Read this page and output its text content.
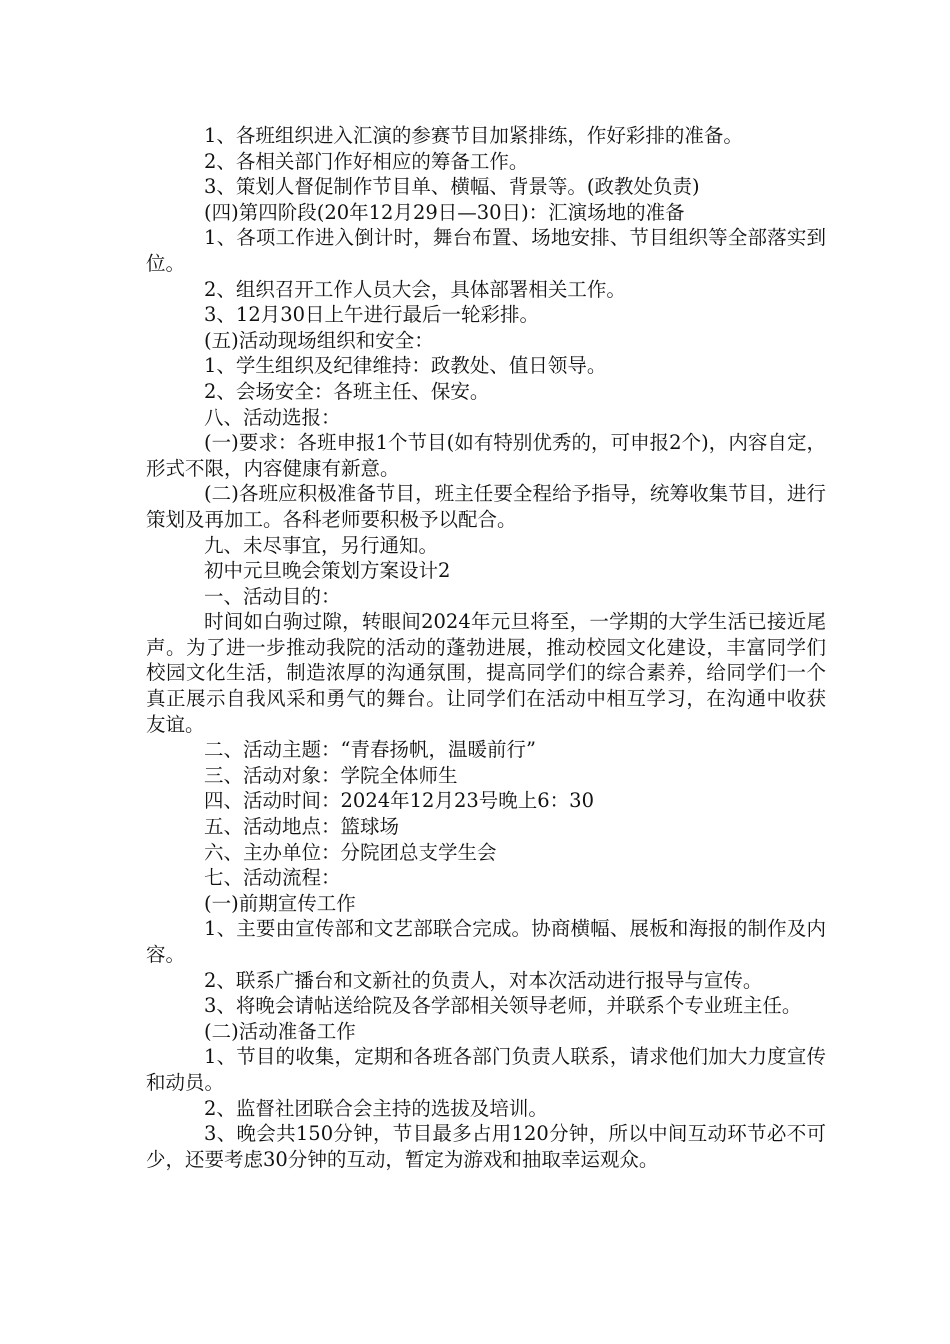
1、各班组织进入汇演的参赛节目加紧排练，作好彩排的准备。

2、各相关部门作好相应的筹备工作。

3、策划人督促制作节目单、横幅、背景等。(政教处负责)

(四)第四阶段(20年12月29日—30日)：汇演场地的准备

1、各项工作进入倒计时，舞台布置、场地安排、节目组织等全部落实到位。

2、组织召开工作人员大会，具体部署相关工作。

3、12月30日上午进行最后一轮彩排。

(五)活动现场组织和安全：

1、学生组织及纪律维持：政教处、值日领导。

2、会场安全：各班主任、保安。

八、活动选报：

(一)要求：各班申报1个节目(如有特别优秀的，可申报2个)，内容自定，形式不限，内容健康有新意。

(二)各班应积极准备节目，班主任要全程给予指导，统筹收集节目，进行策划及再加工。各科老师要积极予以配合。

九、未尽事宜，另行通知。

初中元旦晚会策划方案设计2

一、活动目的：

时间如白驹过隙，转眼间2024年元旦将至，一学期的大学生活已接近尾声。为了进一步推动我院的活动的蓬勃进展，推动校园文化建设，丰富同学们校园文化生活，制造浓厚的沟通氛围，提高同学们的综合素养，给同学们一个真正展示自我风采和勇气的舞台。让同学们在活动中相互学习，在沟通中收获友谊。

二、活动主题：“青春扬帆，温暖前行”

三、活动对象：学院全体师生

四、活动时间：2024年12月23号晚上6：30

五、活动地点：篮球场

六、主办单位：分院团总支学生会

七、活动流程：

(一)前期宣传工作

1、主要由宣传部和文艺部联合完成。协商横幅、展板和海报的制作及内容。

2、联系广播台和文新社的负责人，对本次活动进行报导与宣传。

3、将晚会请帖送给院及各学部相关领导老师，并联系个专业班主任。

(二)活动准备工作

1、节目的收集，定期和各班各部门负责人联系，请求他们加大力度宣传和动员。

2、监督社团联合会主持的选拔及培训。

3、晚会共150分钟，节目最多占用120分钟，所以中间互动环节必不可少，还要考虑30分钟的互动，暂定为游戏和抽取幸运观众。
